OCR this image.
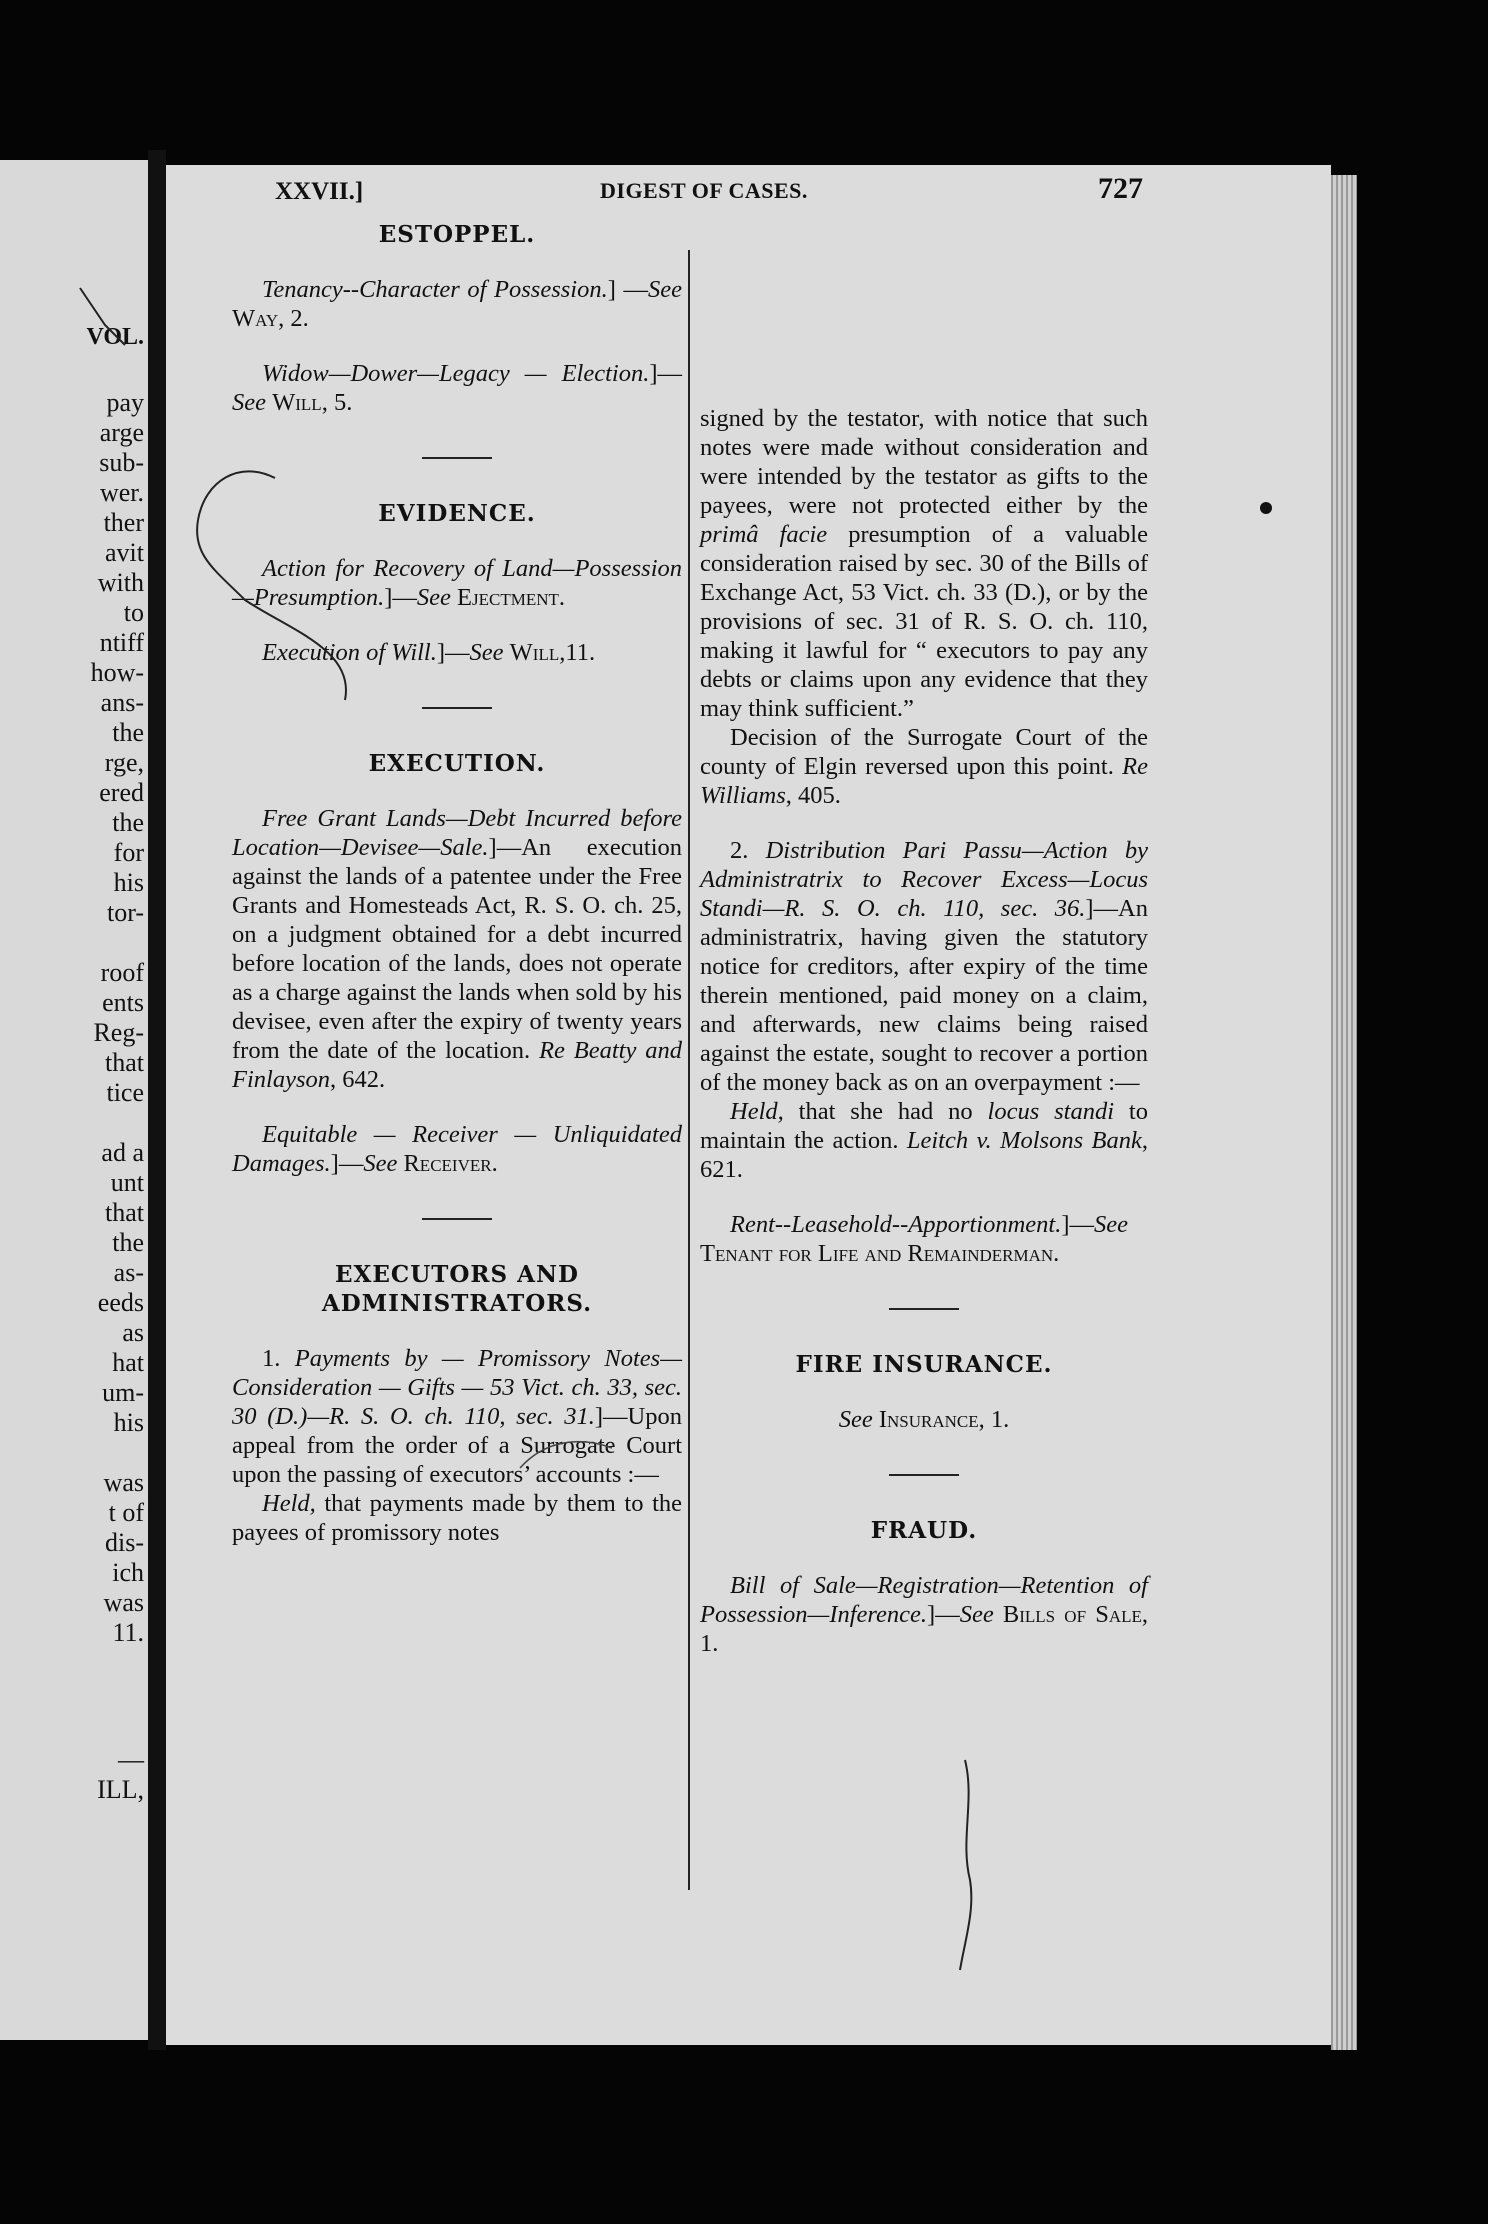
VOL.
pay
arge
sub-
wer.
ther
avit
with
to
ntiff
how-
ans-
the
rge,
ered
the
for
his
tor-

roof
ents
Reg-
that
tice

ad a
unt
that
the
as-
eeds
as
hat
um-
his

was
t of
dis-
ich
was
11.
—
ILL,
XXVII.]	DIGEST OF CASES.	727
ESTOPPEL.

Tenancy--Character of Possession.] —See Way, 2.

Widow—Dower—Legacy — Election.]—See Will, 5.

EVIDENCE.

Action for Recovery of Land—Possession—Presumption.]—See Ejectment.

Execution of Will.]—See Will,11.

EXECUTION.

Free Grant Lands—Debt Incurred before Location—Devisee—Sale.]—An execution against the lands of a patentee under the Free Grants and Homesteads Act, R. S. O. ch. 25, on a judgment obtained for a debt incurred before location of the lands, does not operate as a charge against the lands when sold by his devisee, even after the expiry of twenty years from the date of the location. Re Beatty and Finlayson, 642.

Equitable — Receiver — Unliquidated Damages.]—See Receiver.

EXECUTORS AND ADMINISTRATORS.

1. Payments by — Promissory Notes—Consideration — Gifts — 53 Vict. ch. 33, sec. 30 (D.)—R. S. O. ch. 110, sec. 31.]—Upon appeal from the order of a Surrogate Court upon the passing of executors’ accounts :—

Held, that payments made by them to the payees of promissory notes

signed by the testator, with notice that such notes were made without consideration and were intended by the testator as gifts to the payees, were not protected either by the primâ facie presumption of a valuable consideration raised by sec. 30 of the Bills of Exchange Act, 53 Vict. ch. 33 (D.), or by the provisions of sec. 31 of R. S. O. ch. 110, making it lawful for “ executors to pay any debts or claims upon any evidence that they may think sufficient.”

Decision of the Surrogate Court of the county of Elgin reversed upon this point. Re Williams, 405.

2. Distribution Pari Passu—Action by Administratrix to Recover Excess—Locus Standi—R. S. O. ch. 110, sec. 36.]—An administratrix, having given the statutory notice for creditors, after expiry of the time therein mentioned, paid money on a claim, and afterwards, new claims being raised against the estate, sought to recover a portion of the money back as on an overpayment :—

Held, that she had no locus standi to maintain the action. Leitch v. Molsons Bank, 621.

Rent--Leasehold--Apportionment.]—See Tenant for Life and Remainderman.

FIRE INSURANCE.

See Insurance, 1.

FRAUD.

Bill of Sale—Registration—Retention of Possession—Inference.]—See Bills of Sale, 1.
